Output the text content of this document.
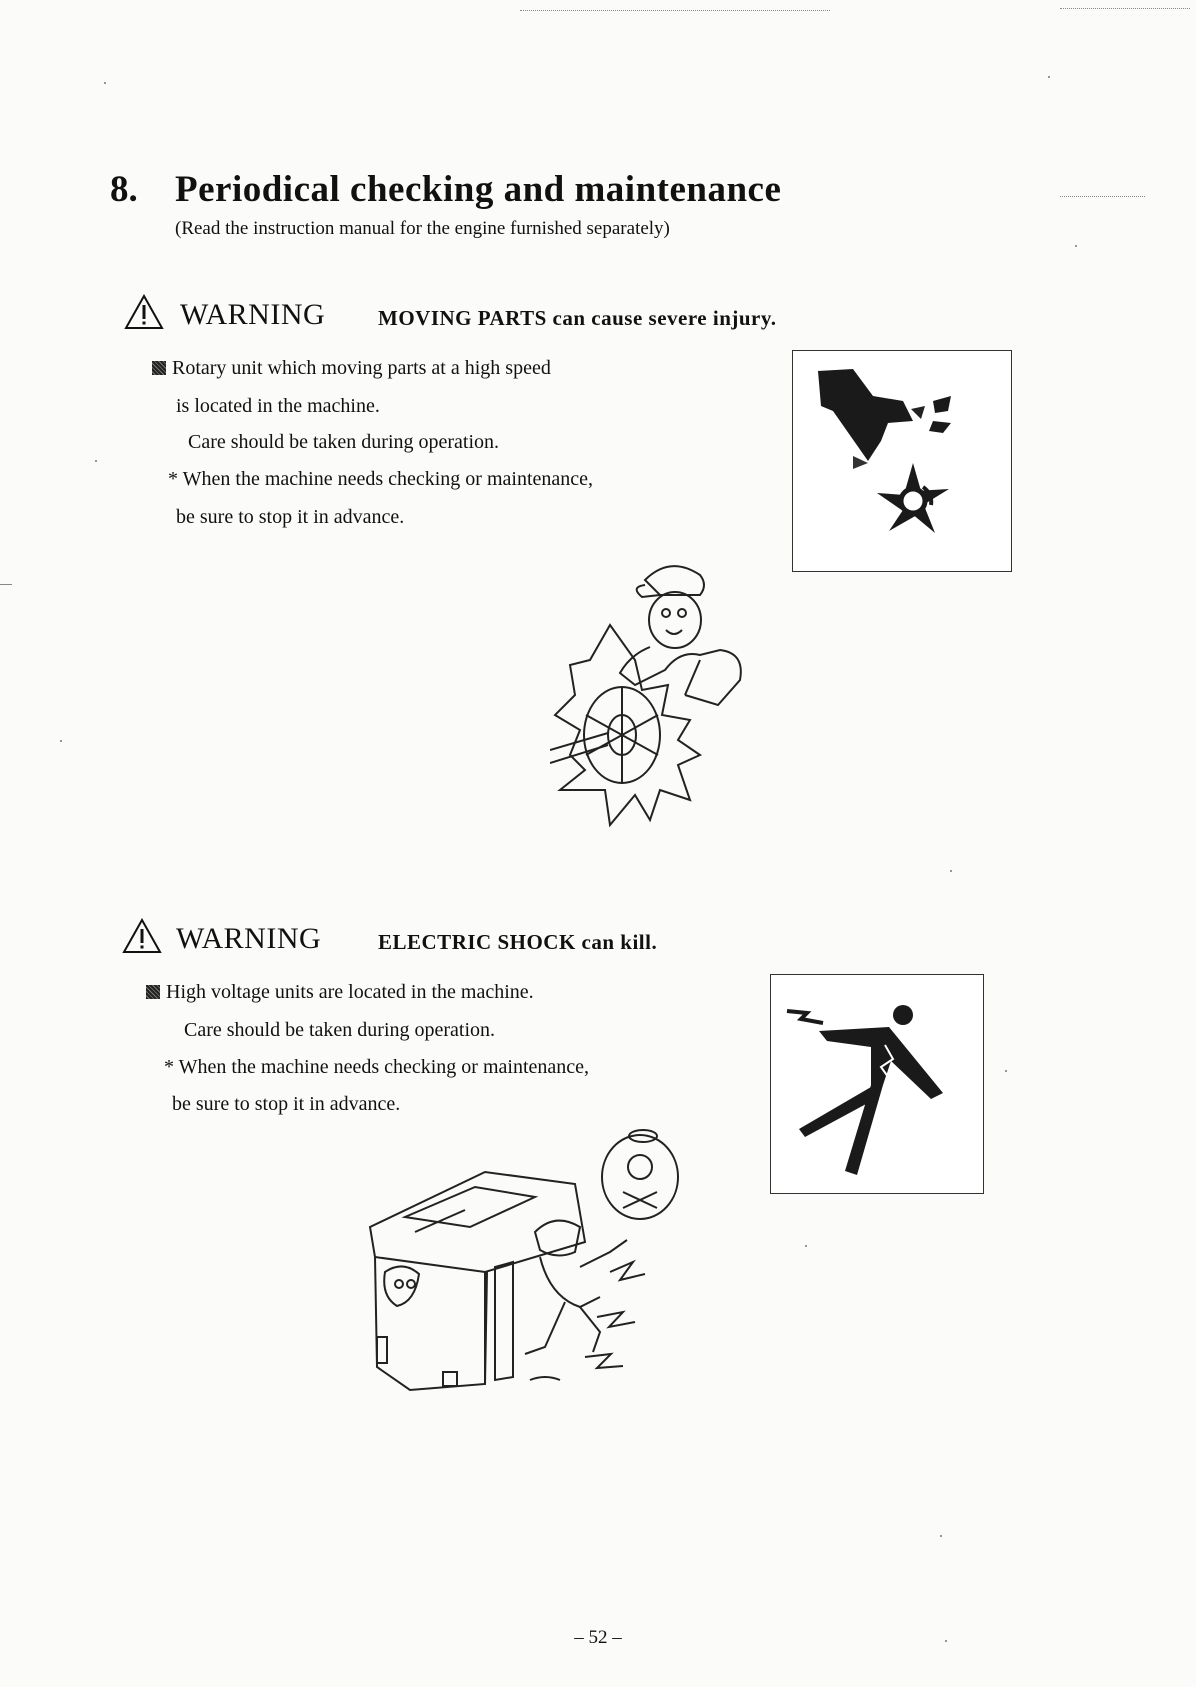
8. Periodical checking and maintenance
(Read the instruction manual for the engine furnished separately)
WARNING	MOVING PARTS can cause severe injury.
Rotary unit which moving parts at a high speed
is located in the machine.
Care should be taken during operation.
* When the machine needs checking or maintenance,
be sure to stop it in advance.
WARNING	ELECTRIC SHOCK can kill.
High voltage units are located in the machine.
Care should be taken during operation.
* When the machine needs checking or maintenance,
be sure to stop it in advance.
– 52 –
